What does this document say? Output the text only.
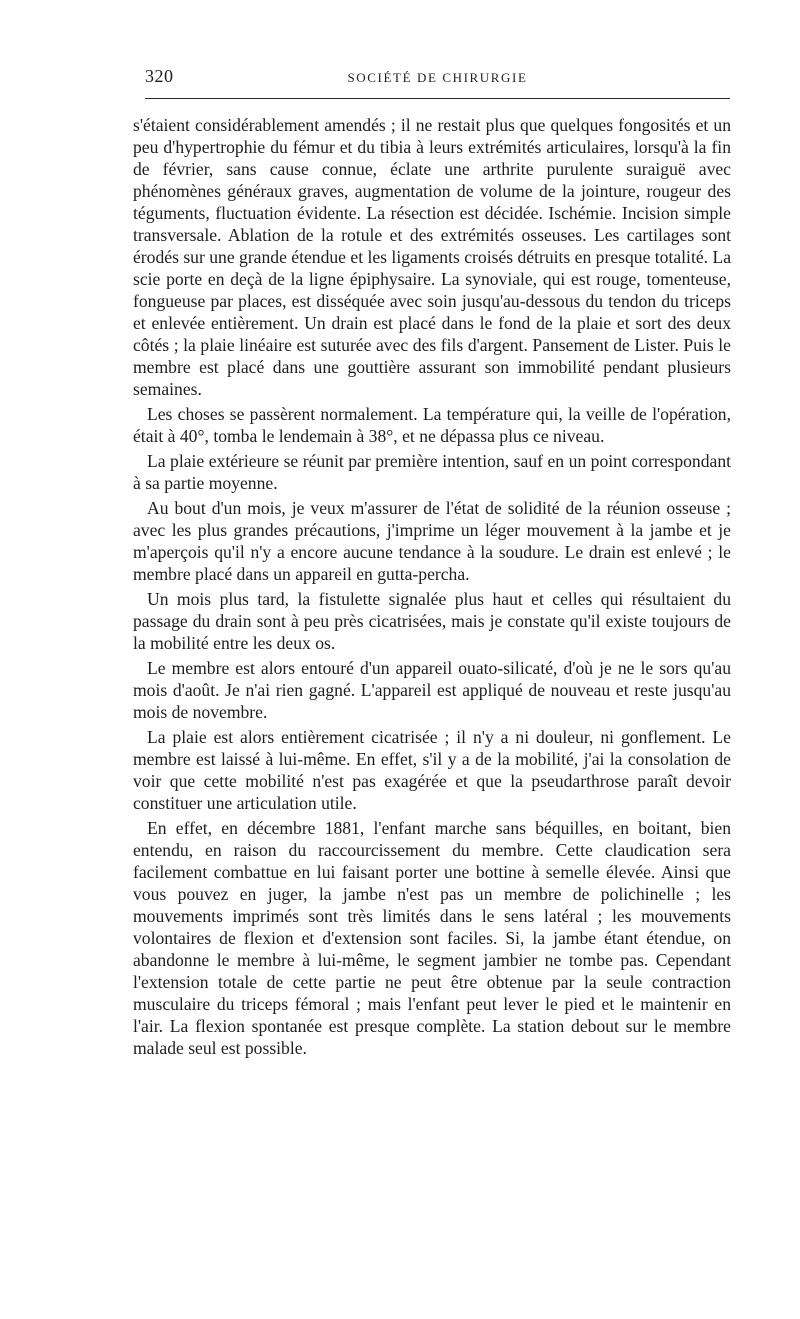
320	SOCIÉTÉ DE CHIRURGIE

s'étaient considérablement amendés ; il ne restait plus que quelques fongosités et un peu d'hypertrophie du fémur et du tibia à leurs extrémités articulaires, lorsqu'à la fin de février, sans cause connue, éclate une arthrite purulente suraiguë avec phénomènes généraux graves, augmentation de volume de la jointure, rougeur des téguments, fluctuation évidente. La résection est décidée. Ischémie. Incision simple transversale. Ablation de la rotule et des extrémités osseuses. Les cartilages sont érodés sur une grande étendue et les ligaments croisés détruits en presque totalité. La scie porte en deçà de la ligne épiphysaire. La synoviale, qui est rouge, tomenteuse, fongueuse par places, est disséquée avec soin jusqu'au-dessous du tendon du triceps et enlevée entièrement. Un drain est placé dans le fond de la plaie et sort des deux côtés ; la plaie linéaire est suturée avec des fils d'argent. Pansement de Lister. Puis le membre est placé dans une gouttière assurant son immobilité pendant plusieurs semaines.

Les choses se passèrent normalement. La température qui, la veille de l'opération, était à 40°, tomba le lendemain à 38°, et ne dépassa plus ce niveau.

La plaie extérieure se réunit par première intention, sauf en un point correspondant à sa partie moyenne.

Au bout d'un mois, je veux m'assurer de l'état de solidité de la réunion osseuse ; avec les plus grandes précautions, j'imprime un léger mouvement à la jambe et je m'aperçois qu'il n'y a encore aucune tendance à la soudure. Le drain est enlevé ; le membre placé dans un appareil en gutta-percha.

Un mois plus tard, la fistulette signalée plus haut et celles qui résultaient du passage du drain sont à peu près cicatrisées, mais je constate qu'il existe toujours de la mobilité entre les deux os.

Le membre est alors entouré d'un appareil ouato-silicaté, d'où je ne le sors qu'au mois d'août. Je n'ai rien gagné. L'appareil est appliqué de nouveau et reste jusqu'au mois de novembre.

La plaie est alors entièrement cicatrisée ; il n'y a ni douleur, ni gonflement. Le membre est laissé à lui-même. En effet, s'il y a de la mobilité, j'ai la consolation de voir que cette mobilité n'est pas exagérée et que la pseudarthrose paraît devoir constituer une articulation utile.

En effet, en décembre 1881, l'enfant marche sans béquilles, en boitant, bien entendu, en raison du raccourcissement du membre. Cette claudication sera facilement combattue en lui faisant porter une bottine à semelle élevée. Ainsi que vous pouvez en juger, la jambe n'est pas un membre de polichinelle ; les mouvements imprimés sont très limités dans le sens latéral ; les mouvements volontaires de flexion et d'extension sont faciles. Si, la jambe étant étendue, on abandonne le membre à lui-même, le segment jambier ne tombe pas. Cependant l'extension totale de cette partie ne peut être obtenue par la seule contraction musculaire du triceps fémoral ; mais l'enfant peut lever le pied et le maintenir en l'air. La flexion spontanée est presque complète. La station debout sur le membre malade seul est possible.
